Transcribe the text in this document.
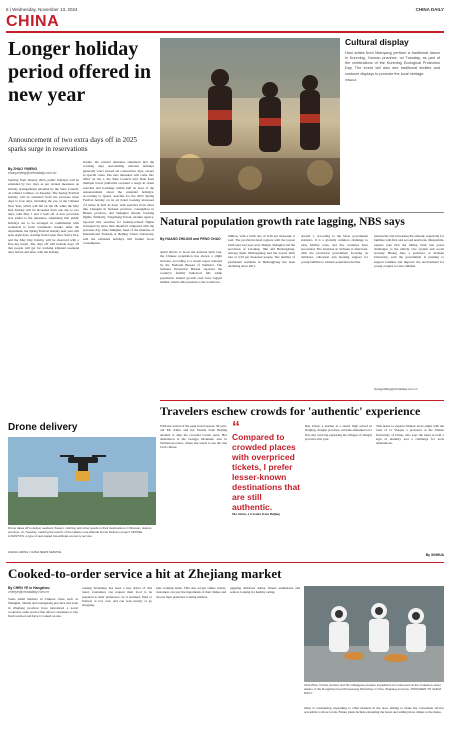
6 | Wednesday, November 13, 2024	CHINA DAILY
CHINA
Longer holiday period offered in new year
Announcement of two extra days off in 2025 sparks surge in reservations
By ZHAO YIMENG
zhaoyimeng@chinadaily.com.cn
Starting from January 2025, public holidays will be extended by two days as per revised measures on holiday arrangements unveiled by the State Council, on China's Cabinet, on Tuesday. The Spring Festival holiday will be extended from the previous three days to four days, including the eve of the Chinese New Year, which will fall on Jan 28, while the May Day holiday will be increased from one day to two days, with May 1 and 2 both off. A new provision was added to the measures, stipulating that public holidays are to be arranged in combination with weekends to form continuous breaks. After the adjustment, the Spring Festival holiday next year will span eight days, starting from Lunar New Year's Eve, and the May Day holiday will be observed with a five-day break. The days off will include days off that people will get for working adjusted weekend days before and after, with the holiday.
breaks, the revised measures stipulated that the working days surrounding national holidays generally won't exceed six consecutive days, except in special cases. The new measures will come into effect on Jan 1, the State Council said. Data from multiple travel platforms revealed a surge in ticket searches and bookings within half an hour of the announcement about the extended holidays. According to Qunar, searches for the 2025 Spring Festival holiday on its air ticket booking increased 2.5 times in half an hour, with searches from cities like Chengdu in Sichuan province, Guangzhou in Hunan province, and Shanghai already booking flights. Similarly, Tongcheng Travel, another agency, reported that searches for holiday-related flights increased by more than threefold compared with the previous day. Zhao Minghui, head of the Institute of International Tourism at Beijing Union University, said the extended holidays will further boost consumption.
Cultural display
Hani artists from Mianyang perform a traditional dance in Kunming, Yunnan province, on Tuesday, as part of the celebrations of the Kunming Ecological Protection Day. The event will also see traditional textiles and costume displays to promote the local heritage.
XINHUA
Natural population growth rate lagging, NBS says
By HUANG ZHILING and PENG CHAO
Amid efforts to boost the national birth rate, the Chinese population has shown a slight increase, according to a recent report released by the National Bureau of Statistics. The Sichuan Provincial Bureau reported the country's fertility indicators fell, while population natural growth rates have lagged behind, which adds pressure to the workforce.
million, with a birth rate of 6.39 per thousand, it said. The provincial-level regions with the lowest birth rates last year were Tianjin, Shanghai and the provinces of Liaoning, Jilin and Heilongjiang. Among them, Heilongjiang had the lowest birth rate at 3.34 per thousand people. The number of permanent residents in Heilongjiang has been declining since 2011.
around 1, according to the latest government statistics. It is a globally common challenge to raise fertility rates, and few countries have succeeded. The situation in Sichuan is improved, with the provincial government focusing on childcare, education and housing support for young families to address population decline.
nationwide and increasing the amount, especially for families with first and second newborns. Meanwhile, experts note that the falling birth rate poses challenges to the elderly care system and social security. Huang Jian, a professor at Sichuan University, said the government is pushing to support families and improve the environment for young couples to raise children.
huangzhiling@chinadaily.com.cn
Drone delivery
Drone takes off to deliver seafood, flowers, clothing and other goods to their destinations in Wuxuan, Hainan province, on Tuesday, marking the launch of the Haikou Low-Altitude Drone Delivery project. DRONE LOGISTICS, a type of automated low-altitude economy service.
ZHANG LIMING / CHINA NEWS SERVICE
Travelers eschew crowds for 'authentic' experience
With the arrival of the peak travel season, 30-year-old Ma Xinru and her friends from Beijing decided to skip the crowded tourist spots. Her destination is the Gongga Mountain area in Sichuan province, where she wants to see the true local culture.
“
Compared to crowded places with overpriced tickets, I prefer lesser-known destinations that are still authentic.
Ma Xinru, a traveler from Beijing
Ren Ziwei, a teacher at a senior high school in Nanjing, Jiangsu province, said she embarked on a five-day road trip exploring the villages of Jiangxi province this year.
This desire to explore 'hidden' areas aligns with the view of Li Yanqin, a professor at the Wuhan University of China, who says the trend is both a sign of maturity and a challenge for local destinations.
By XINHUA
Cooked-to-order service a hit at Zhejiang market
By CHEN YE in Hangzhou
chenye@chinadaily.com.cn
Some small markets in Chinese cities such as Shanghai, Shanxi and Guangdong province and even in Zhejiang province have introduced a novel cooked-to-order service that allows customers to buy fresh seafood and have it cooked on site.
cessing Workshop has been a key driver of this trend. Customers can request their food to be prepared to their preference, be it steamed, fried or braised, at low cost, and can wait nearby or go shopping.
plus cooking items. This also accept online orders; customers can pay the ingredients of their dishes and choose their preferred cooking method.
juggling childcare duties, fitness enthusiasts and seniors looking for healthy eating.
Chef Zhou Yunhui (center) and his colleagues prepare ingredients for customers at the cooked-to-order station of the Dongshan Food Processing Workshop in Yiwu, Zhejiang province. PROVIDED TO CHINA DAILY
Zhou is considering expanding to other markets in the area, aiming to make the convenient service accessible to more locals. Future plans include extending the hours and adding more dishes to the menu.
